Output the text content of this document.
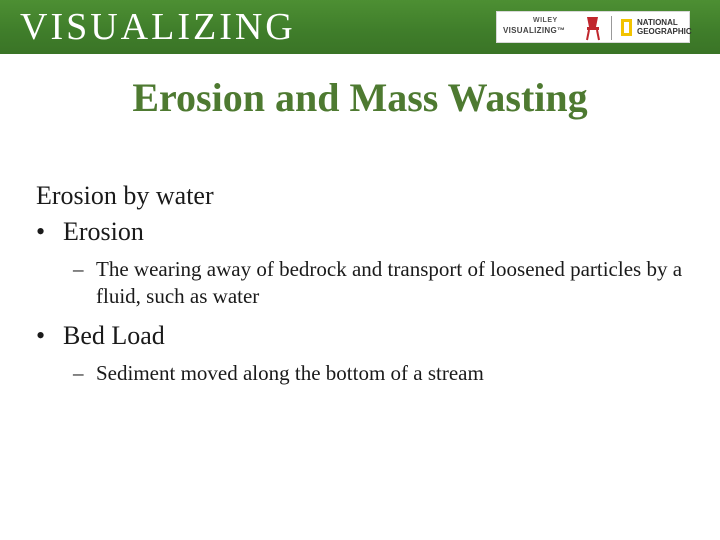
VISUALIZING	WILEY
VISUALIZING™
NATIONAL
GEOGRAPHIC
Erosion and Mass Wasting
Erosion by water
• Erosion
– The wearing away of bedrock and transport of loosened particles by a fluid, such as water
• Bed Load
– Sediment moved along the bottom of a stream
